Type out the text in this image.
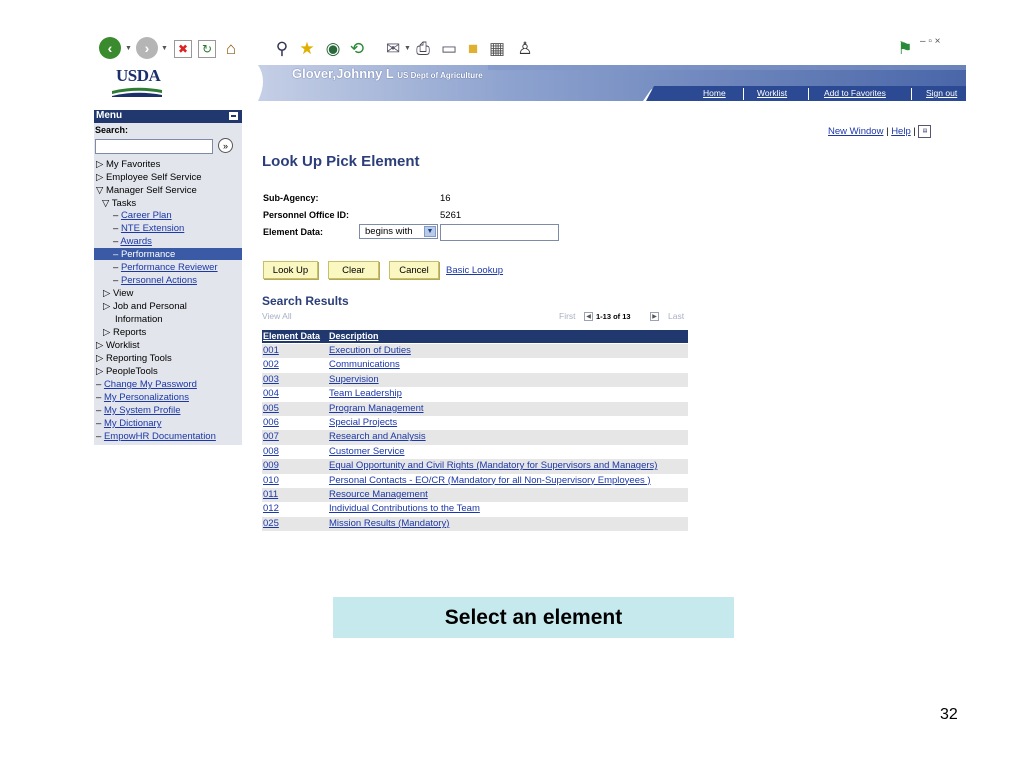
‹	▼ ›	▼ ✖	↻ ⌂	⚲ ★ ◉ ⟲ ✉ ▼ ⎙ ▭ ■ ▦ ♙	⚑ – ▫ ×
USDA	Glover,Johnny L US Dept of Agriculture
Home	Worklist	Add to Favorites	Sign out
Menu
Search:
»
▷ My Favorites
▷ Employee Self Service
▽ Manager Self Service
▽ Tasks
– Career Plan
– NTE Extension
– Awards
– Performance
– Performance Reviewer
– Personnel Actions
▷ View
▷ Job and Personal
Information
▷ Reports
▷ Worklist
▷ Reporting Tools
▷ PeopleTools
– Change My Password
– My Personalizations
– My System Profile
– My Dictionary
– EmpowHR Documentation
New Window | Help | ▤
Look Up Pick Element
Sub-Agency:	16
Personnel Office ID:	5261
Element Data:	begins with	▼
Look Up	Clear	Cancel	Basic Lookup
Search Results
View All	First	◀ 1-13 of 13	▶ Last
Element Data Description
001	Execution of Duties
002	Communications
003	Supervision
004	Team Leadership
005	Program Management
006	Special Projects
007	Research and Analysis
008	Customer Service
009	Equal Opportunity and Civil Rights (Mandatory for Supervisors and Managers)
010	Personal Contacts - EO/CR (Mandatory for all Non-Supervisory Employees )
011	Resource Management
012	Individual Contributions to the Team
025	Mission Results (Mandatory)
Select an element
32
